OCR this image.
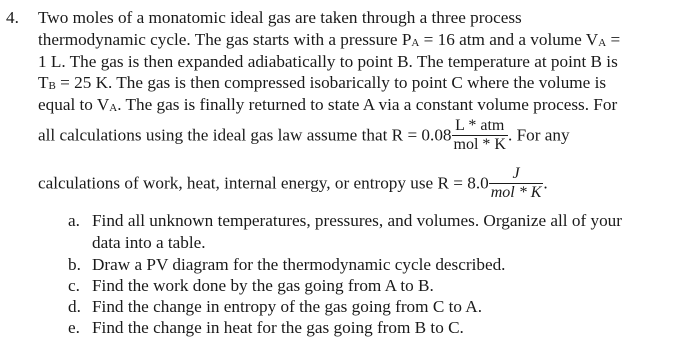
4. Two moles of a monatomic ideal gas are taken through a three process
thermodynamic cycle. The gas starts with a pressure $P_A = 16$ atm and a volume $V_A$ =
1 L. The gas is then expanded adiabatically to point B. The temperature at point B is
$T_B = 25$ K. The gas is then compressed isobarically to point C where the volume is
equal to $V_A$. The gas is finally returned to state A via a constant volume process. For
all calculations using the ideal gas law assume that $R = 0.08 \frac{\text{L * atm}}{\text{mol * K}}$ . For any
calculations of work, heat, internal energy, or entropy use $R = 8.0 \frac{J}{\text{mol * K}}$ .
a. Find all unknown temperatures, pressures, and volumes. Organize all of your
data into a table.
b. Draw a PV diagram for the thermodynamic cycle described.
c. Find the work done by the gas going from A to B.
d. Find the change in entropy of the gas going from C to A.
e. Find the change in heat for the gas going from B to C.
